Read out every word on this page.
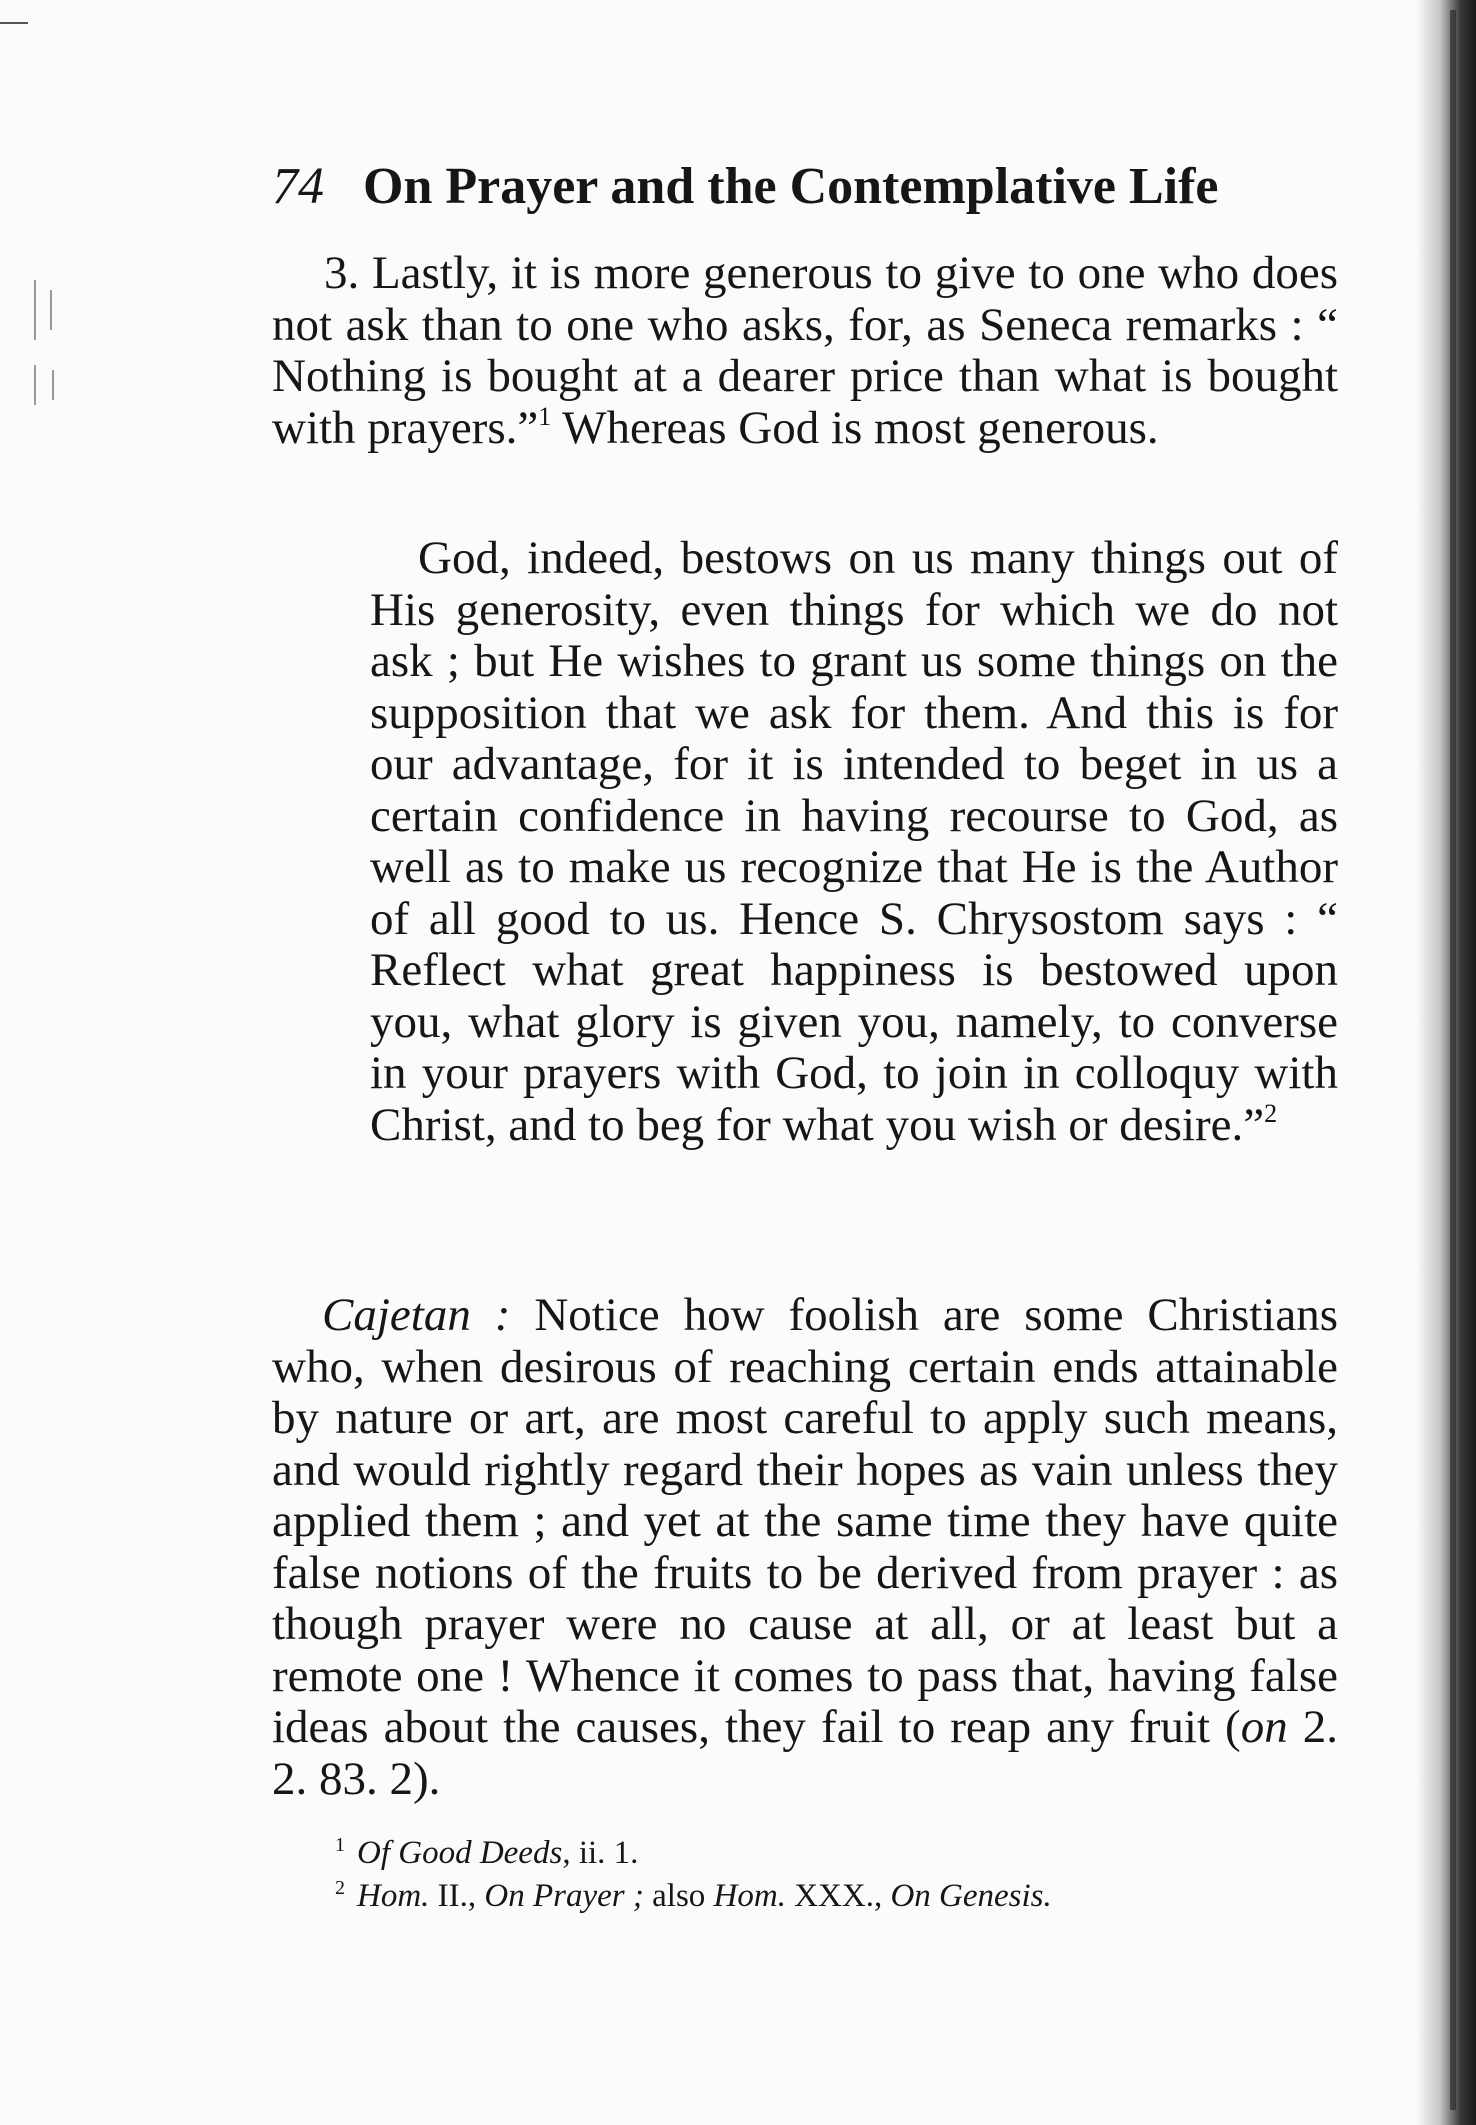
74 On Prayer and the Contemplative Life

3. Lastly, it is more generous to give to one who does not ask than to one who asks, for, as Seneca remarks : “ Nothing is bought at a dearer price than what is bought with prayers.”$^1$ Whereas God is most generous.

God, indeed, bestows on us many things out of His generosity, even things for which we do not ask ; but He wishes to grant us some things on the supposition that we ask for them. And this is for our advantage, for it is intended to beget in us a certain confidence in having recourse to God, as well as to make us recognize that He is the Author of all good to us. Hence S. Chrysostom says : “ Reflect what great happiness is bestowed upon you, what glory is given you, namely, to converse in your prayers with God, to join in colloquy with Christ, and to beg for what you wish or desire.”$^2$

Cajetan : Notice how foolish are some Christians who, when desirous of reaching certain ends attainable by nature or art, are most careful to apply such means, and would rightly regard their hopes as vain unless they applied them ; and yet at the same time they have quite false notions of the fruits to be derived from prayer : as though prayer were no cause at all, or at least but a remote one ! Whence it comes to pass that, having false ideas about the causes, they fail to reap any fruit (on 2. 2. 83. 2).

$^1$ Of Good Deeds, ii. 1.
$^2$ Hom. II., On Prayer ; also Hom. XXX., On Genesis.
